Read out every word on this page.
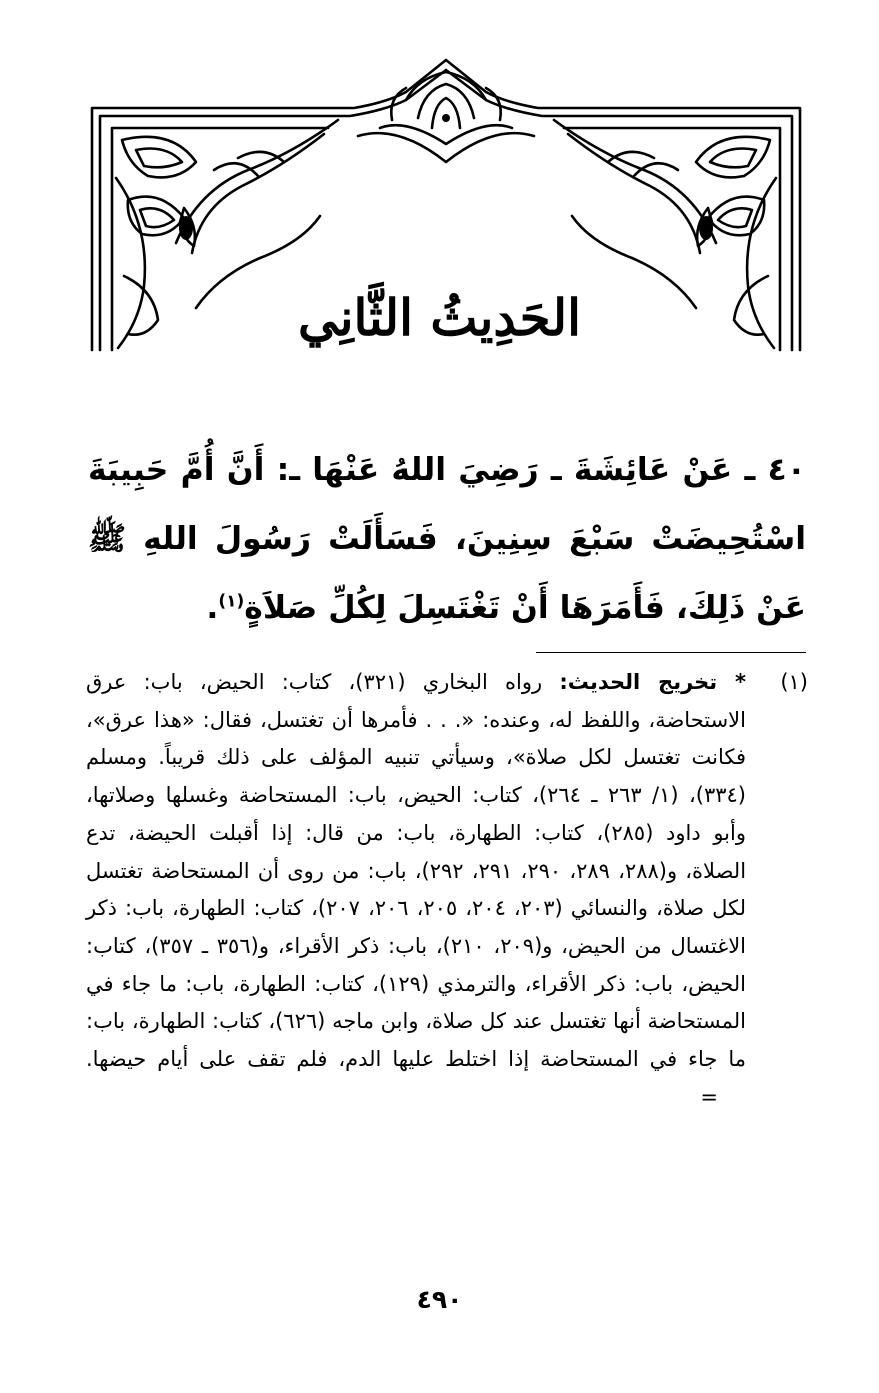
الحَدِيثُ الثَّانِي
٤٠ ـ عَنْ عَائِشَةَ ـ رَضِيَ اللهُ عَنْهَا ـ: أَنَّ أُمَّ حَبِيبَةَ اسْتُحِيضَتْ سَبْعَ سِنِينَ، فَسَأَلَتْ رَسُولَ اللهِ ﷺ عَنْ ذَلِكَ، فَأَمَرَهَا أَنْ تَغْتَسِلَ لِكُلِّ صَلاَةٍ$^{(١)}$.
(١)
* تخريج الحديث: رواه البخاري (٣٢١)، كتاب: الحيض، باب: عرق الاستحاضة، واللفظ له، وعنده: «. . . فأمرها أن تغتسل، فقال: «هذا عرق»، فكانت تغتسل لكل صلاة»، وسيأتي تنبيه المؤلف على ذلك قريباً. ومسلم (٣٣٤)، (١/ ٢٦٣ ـ ٢٦٤)، كتاب: الحيض، باب: المستحاضة وغسلها وصلاتها، وأبو داود (٢٨٥)، كتاب: الطهارة، باب: من قال: إذا أقبلت الحيضة، تدع الصلاة، و(٢٨٨، ٢٨٩، ٢٩٠، ٢٩١، ٢٩٢)، باب: من روى أن المستحاضة تغتسل لكل صلاة، والنسائي (٢٠٣، ٢٠٤، ٢٠٥، ٢٠٦، ٢٠٧)، كتاب: الطهارة، باب: ذكر الاغتسال من الحيض، و(٢٠٩، ٢١٠)، باب: ذكر الأقراء، و(٣٥٦ ـ ٣٥٧)، كتاب: الحيض، باب: ذكر الأقراء، والترمذي (١٢٩)، كتاب: الطهارة، باب: ما جاء في المستحاضة أنها تغتسل عند كل صلاة، وابن ماجه (٦٢٦)، كتاب: الطهارة، باب: ما جاء في المستحاضة إذا اختلط عليها الدم، فلم تقف على أيام حيضها. =
٤٩٠
